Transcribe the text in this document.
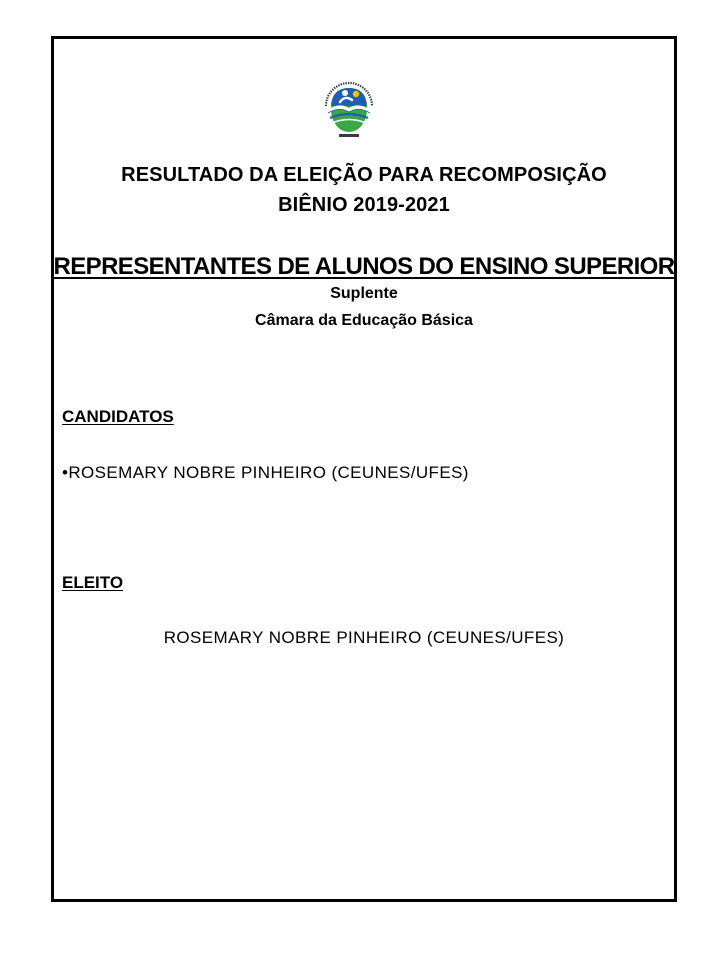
RESULTADO DA ELEIÇÃO PARA RECOMPOSIÇÃO
BIÊNIO 2019-2021
REPRESENTANTES DE ALUNOS DO ENSINO SUPERIOR
Suplente
Câmara da Educação Básica
CANDIDATOS
•ROSEMARY NOBRE PINHEIRO (CEUNES/UFES)
ELEITO
ROSEMARY NOBRE PINHEIRO (CEUNES/UFES)
